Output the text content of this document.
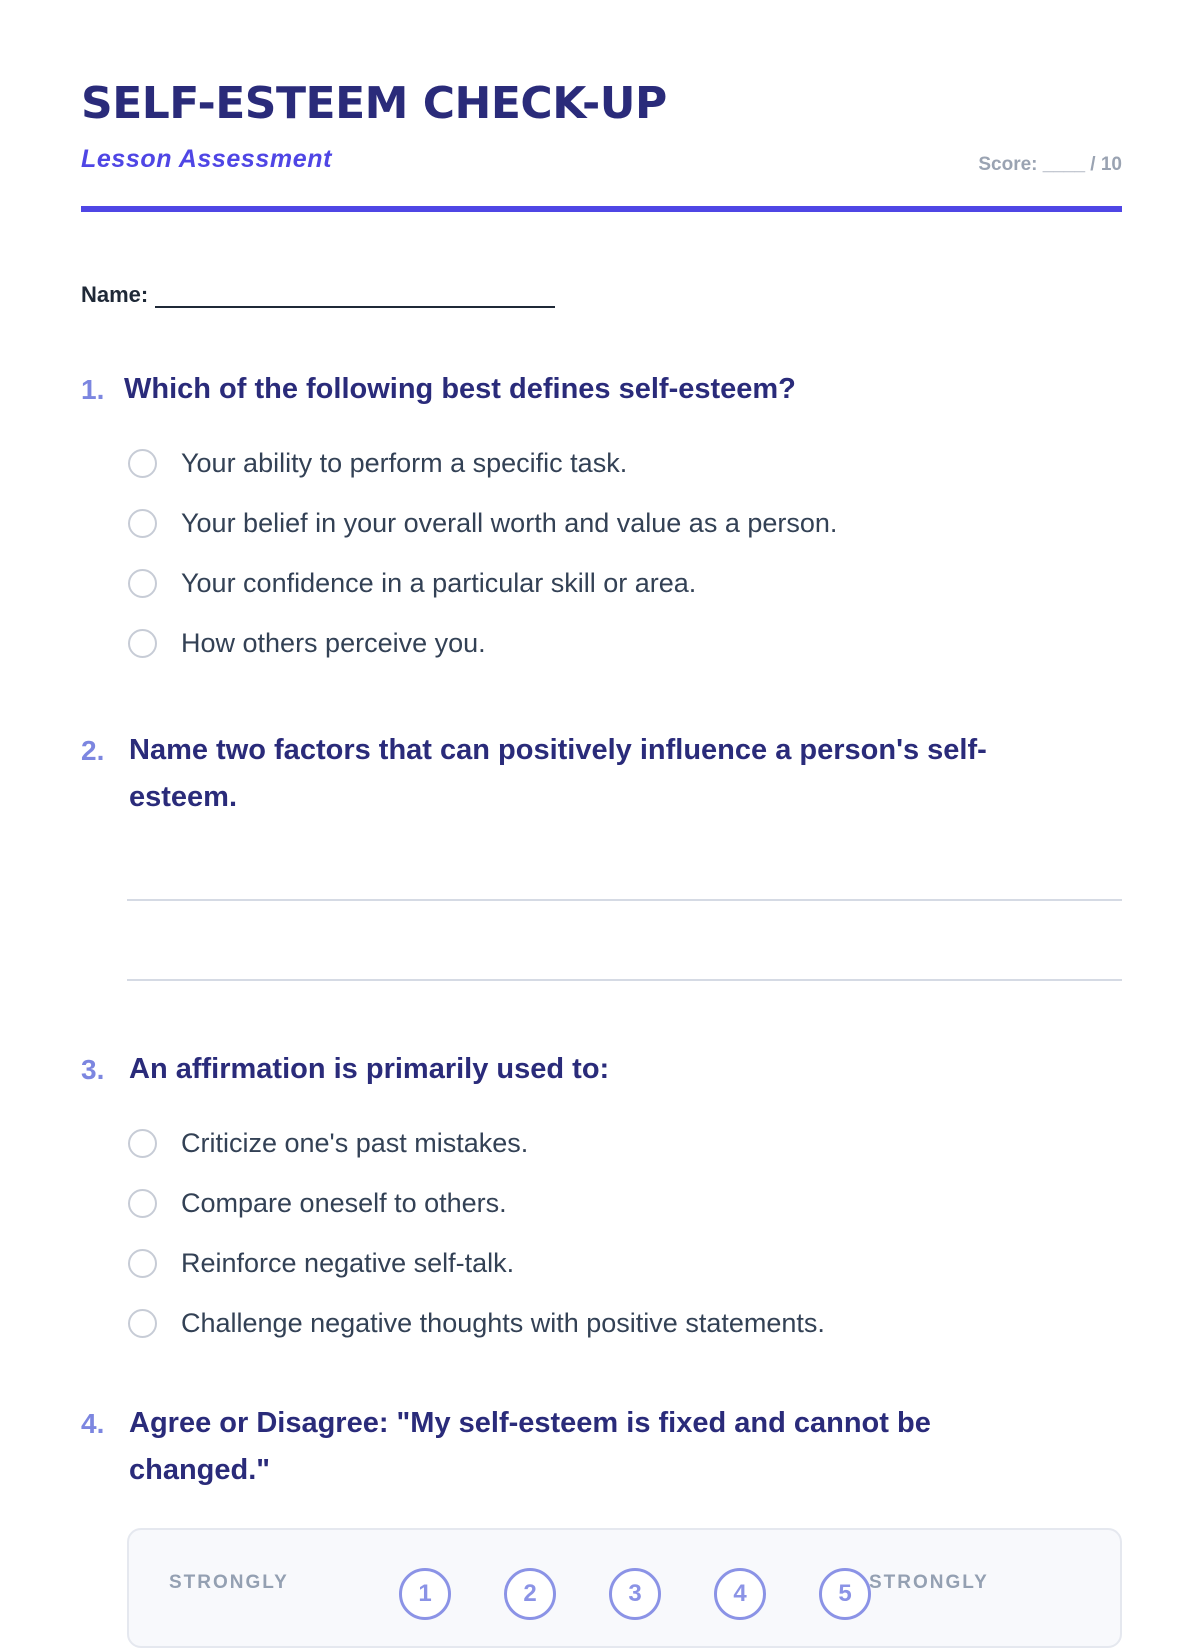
SELF-ESTEEM CHECK-UP
Lesson Assessment	Score: ____ / 10
Name:
1. Which of the following best defines self-esteem?
Your ability to perform a specific task.
Your belief in your overall worth and value as a person.
Your confidence in a particular skill or area.
How others perceive you.
2. Name two factors that can positively influence a person's self-esteem.
3. An affirmation is primarily used to:
Criticize one's past mistakes.
Compare oneself to others.
Reinforce negative self-talk.
Challenge negative thoughts with positive statements.
4. Agree or Disagree: "My self-esteem is fixed and cannot be changed."
STRONGLY	1	2	3	4	5 STRONGLY
